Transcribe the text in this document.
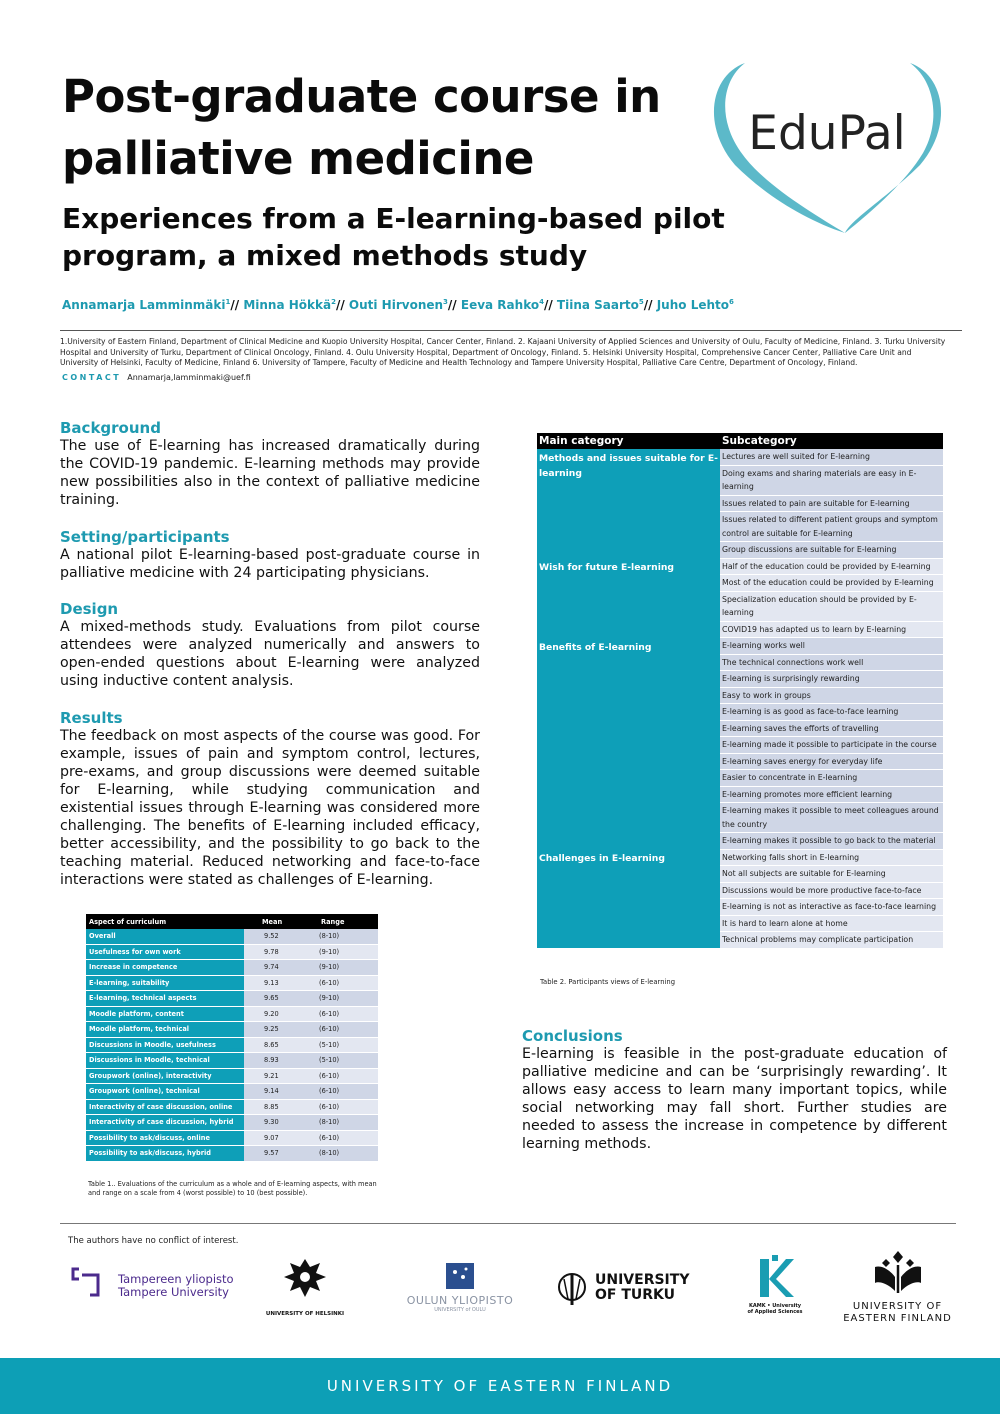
Post-graduate course in palliative medicine
Experiences from a E-learning-based pilot program, a mixed methods study
EduPal
Annamarja Lamminmäki$^1$// Minna Hökkä$^2$// Outi Hirvonen$^3$// Eeva Rahko$^4$// Tiina Saarto$^5$// Juho Lehto$^6$

1.University of Eastern Finland, Department of Clinical Medicine and Kuopio University Hospital, Cancer Center, Finland. 2. Kajaani University of Applied Sciences and University of Oulu, Faculty of Medicine, Finland. 3. Turku University Hospital and University of Turku, Department of Clinical Oncology, Finland. 4. Oulu University Hospital, Department of Oncology, Finland. 5. Helsinki University Hospital, Comprehensive Cancer Center, Palliative Care Unit and University of Helsinki, Faculty of Medicine, Finland 6. University of Tampere, Faculty of Medicine and Health Technology and Tampere University Hospital, Palliative Care Centre, Department of Oncology, Finland.

CONTACT Annamarja,lamminmaki@uef.fi
Background

The use of E-learning has increased dramatically during the COVID-19 pandemic. E-learning methods may provide new possibilities also in the context of palliative medicine training.

Setting/participants

A national pilot E-learning-based post-graduate course in palliative medicine with 24 participating physicians.

Design

A mixed-methods study. Evaluations from pilot course attendees were analyzed numerically and answers to open-ended questions about E-learning were analyzed using inductive content analysis.

Results

The feedback on most aspects of the course was good. For example, issues of pain and symptom control, lectures, pre-exams, and group discussions were deemed suitable for E-learning, while studying communication and existential issues through E-learning was considered more challenging. The benefits of E-learning included efficacy, better accessibility, and the possibility to go back to the teaching material. Reduced networking and face-to-face interactions were stated as challenges of E-learning.

Aspect of curriculum	Mean	Range
Overall	9.52	(8-10)
Usefulness for own work	9.78	(9-10)
Increase in competence	9.74	(9-10)
E-learning, suitability	9.13	(6-10)
E-learning, technical aspects	9.65	(9-10)
Moodle platform, content	9.20	(6-10)
Moodle platform, technical	9.25	(6-10)
Discussions in Moodle, usefulness	8.65	(5-10)
Discussions in Moodle, technical	8.93	(5-10)
Groupwork (online), interactivity	9.21	(6-10)
Groupwork (online), technical	9.14	(6-10)
Interactivity of case discussion, online	8.85	(6-10)
Interactivity of case discussion, hybrid	9.30	(8-10)
Possibility to ask/discuss, online	9.07	(6-10)
Possibility to ask/discuss, hybrid	9.57	(8-10)
Table 1.. Evaluations of the curriculum as a whole and of E-learning aspects, with mean and range on a scale from 4 (worst possible) to 10 (best possible).
Main category	Subcategory
Methods and issues suitable for E-learning	Lectures are well suited for E-learning
	Doing exams and sharing materials are easy in E-learning
	Issues related to pain are suitable for E-learning
	Issues related to different patient groups and symptom control are suitable for E-learning
	Group discussions are suitable for E-learning
Wish for future E-learning	Half of the education could be provided by E-learning
	Most of the education could be provided by E-learning
	Specialization education should be provided by E-learning
	COVID19 has adapted us to learn by E-learning
Benefits of E-learning	E-learning works well
	The technical connections work well
	E-learning is surprisingly rewarding
	Easy to work in groups
	E-learning is as good as face-to-face learning
	E-learning saves the efforts of travelling
	E-learning made it possible to participate in the course
	E-learning saves energy for everyday life
	Easier to concentrate in E-learning
	E-learning promotes more efficient learning
	E-learning makes it possible to meet colleagues around the country
	E-learning makes it possible to go back to the material
Challenges in E-learning	Networking falls short in E-learning
	Not all subjects are suitable for E-learning
	Discussions would be more productive face-to-face
	E-learning is not as interactive as face-to-face learning
	It is hard to learn alone at home
	Technical problems may complicate participation
Table 2. Participants views of E-learning
Conclusions

E-learning is feasible in the post-graduate education of palliative medicine and can be ‘surprisingly rewarding’. It allows easy access to learn many important topics, while social networking may fall short. Further studies are needed to assess the increase in competence by different learning methods.

The authors have no conflict of interest.
Tampereen yliopisto
Tampere University
UNIVERSITY OF HELSINKI
OULUN YLIOPISTO
UNIVERSITY of OULU
UNIVERSITY
OF TURKU
KAMK • University
of Applied Sciences	UNIVERSITY OF
EASTERN FINLAND
UNIVERSITY OF EASTERN FINLAND
